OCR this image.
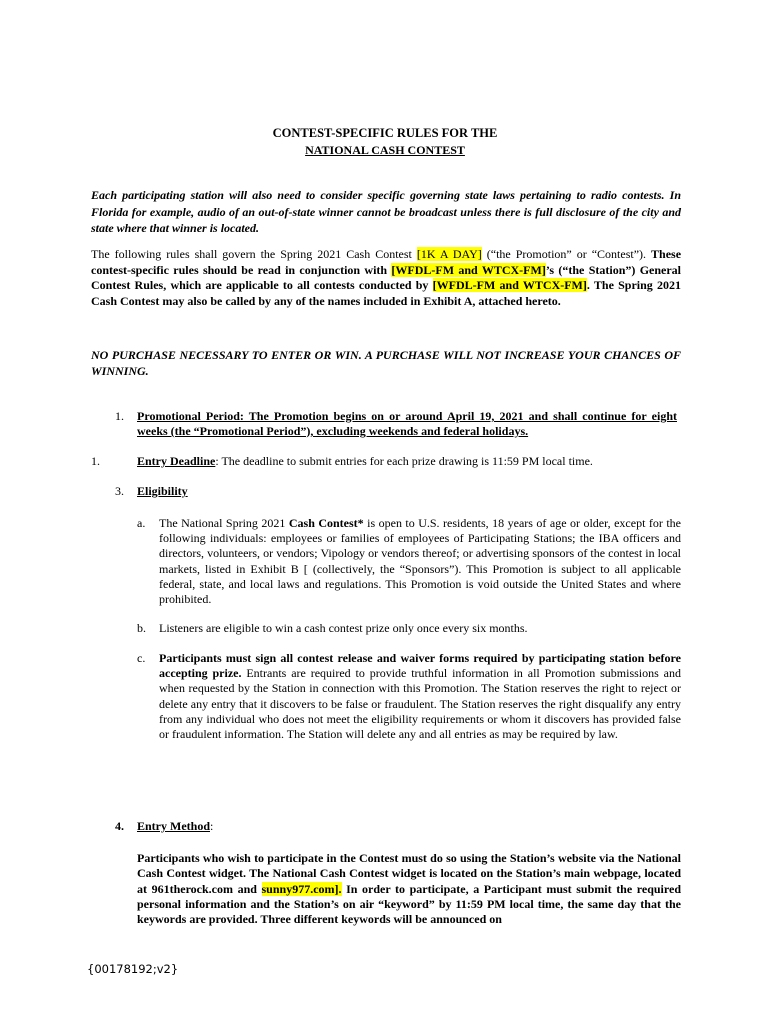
CONTEST-SPECIFIC RULES FOR THE
NATIONAL CASH CONTEST
Each participating station will also need to consider specific governing state laws pertaining to radio contests. In Florida for example, audio of an out-of-state winner cannot be broadcast unless there is full disclosure of the city and state where that winner is located.
The following rules shall govern the Spring 2021 Cash Contest [1K A DAY] (“the Promotion” or “Contest”). These contest-specific rules should be read in conjunction with [WFDL-FM and WTCX-FM]’s (“the Station”) General Contest Rules, which are applicable to all contests conducted by [WFDL-FM and WTCX-FM]. The Spring 2021 Cash Contest may also be called by any of the names included in Exhibit A, attached hereto.
NO PURCHASE NECESSARY TO ENTER OR WIN. A PURCHASE WILL NOT INCREASE YOUR CHANCES OF WINNING.
1. Promotional Period: The Promotion begins on or around April 19, 2021 and shall continue for eight weeks (the “Promotional Period”), excluding weekends and federal holidays.
1.	Entry Deadline: The deadline to submit entries for each prize drawing is 11:59 PM local time.
3. Eligibility
a. The National Spring 2021 Cash Contest* is open to U.S. residents, 18 years of age or older, except for the following individuals: employees or families of employees of Participating Stations; the IBA officers and directors, volunteers, or vendors; Vipology or vendors thereof; or advertising sponsors of the contest in local markets, listed in Exhibit B [ (collectively, the “Sponsors”). This Promotion is subject to all applicable federal, state, and local laws and regulations. This Promotion is void outside the United States and where prohibited.
b. Listeners are eligible to win a cash contest prize only once every six months.
c. Participants must sign all contest release and waiver forms required by participating station before accepting prize. Entrants are required to provide truthful information in all Promotion submissions and when requested by the Station in connection with this Promotion. The Station reserves the right to reject or delete any entry that it discovers to be false or fraudulent. The Station reserves the right disqualify any entry from any individual who does not meet the eligibility requirements or whom it discovers has provided false or fraudulent information. The Station will delete any and all entries as may be required by law.
4. Entry Method:
Participants who wish to participate in the Contest must do so using the Station’s website via the National Cash Contest widget. The National Cash Contest widget is located on the Station’s main webpage, located at 961therock.com and sunny977.com]. In order to participate, a Participant must submit the required personal information and the Station’s on air “keyword” by 11:59 PM local time, the same day that the keywords are provided. Three different keywords will be announced on
{00178192;v2}
